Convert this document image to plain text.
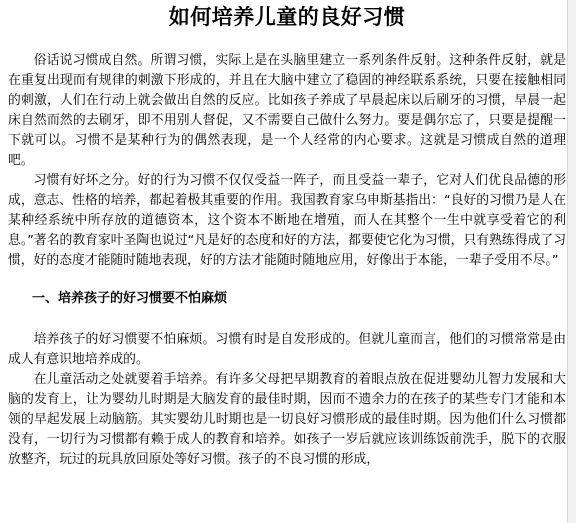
如何培养儿童的良好习惯

俗话说习惯成自然。所谓习惯，实际上是在头脑里建立一系列条件反射。这种条件反射，就是在重复出现而有规律的刺激下形成的，并且在大脑中建立了稳固的神经联系系统，只要在接触相同的刺激，人们在行动上就会做出自然的反应。比如孩子养成了早晨起床以后刷牙的习惯，早晨一起床自然而然的去刷牙，即不用别人督促，又不需要自己做什么努力。要是偶尔忘了，只要是提醒一下就可以。习惯不是某种行为的偶然表现，是一个人经常的内心要求。这就是习惯成自然的道理吧。

习惯有好坏之分。好的行为习惯不仅仅受益一阵子，而且受益一辈子，它对人们优良品德的形成，意志、性格的培养，都起着极其重要的作用。我国教育家乌申斯基指出：“良好的习惯乃是人在某种经系统中所存放的道德资本，这个资本不断地在增殖，而人在其整个一生中就享受着它的利息。”著名的教育家叶圣陶也说过“凡是好的态度和好的方法，都要使它化为习惯，只有熟练得成了习惯，好的态度才能随时随地表现，好的方法才能随时随地应用，好像出于本能，一辈子受用不尽。”

一、培养孩子的好习惯要不怕麻烦

培养孩子的好习惯要不怕麻烦。习惯有时是自发形成的。但就儿童而言，他们的习惯常常是由成人有意识地培养成的。

在儿童活动之处就要着手培养。有许多父母把早期教育的着眼点放在促进婴幼儿智力发展和大脑的发育上，让为婴幼儿时期是大脑发育的最佳时期，因而不遗余力的在孩子的某些专门才能和本领的早起发展上动脑筋。其实婴幼儿时期也是一切良好习惯形成的最佳时期。因为他们什么习惯都没有，一切行为习惯都有赖于成人的教育和培养。如孩子一岁后就应该训练饭前洗手，脱下的衣服放整齐，玩过的玩具放回原处等好习惯。孩子的不良习惯的形成，
